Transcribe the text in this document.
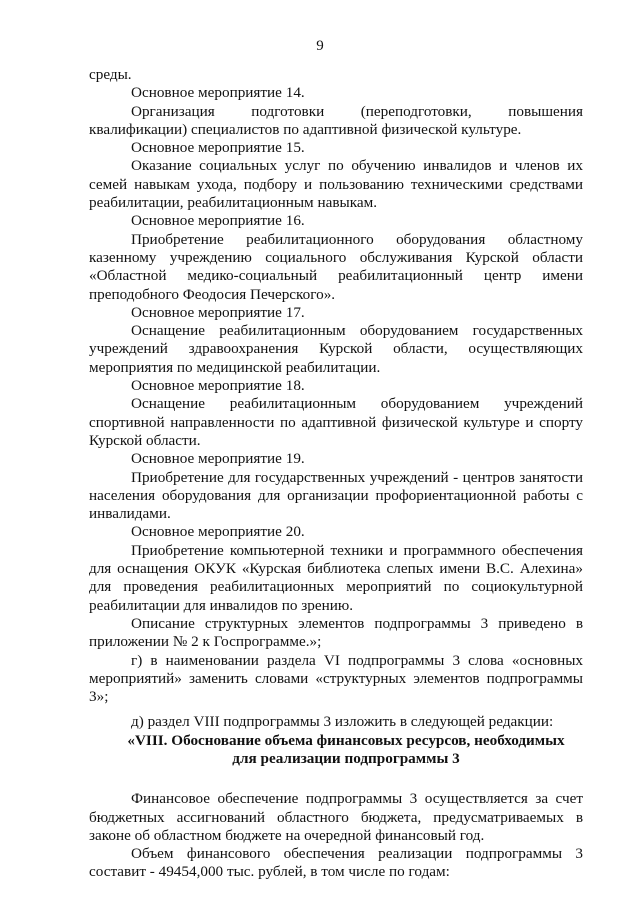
9

среды.

Основное мероприятие 14.

Организация подготовки (переподготовки, повышения квалификации) специалистов по адаптивной физической культуре.

Основное мероприятие 15.

Оказание социальных услуг по обучению инвалидов и членов их семей навыкам ухода, подбору и пользованию техническими средствами реабилитации, реабилитационным навыкам.

Основное мероприятие 16.

Приобретение реабилитационного оборудования областному казенному учреждению социального обслуживания Курской области «Областной медико-социальный реабилитационный центр имени преподобного Феодосия Печерского».

Основное мероприятие 17.

Оснащение реабилитационным оборудованием государственных учреждений здравоохранения Курской области, осуществляющих мероприятия по медицинской реабилитации.

Основное мероприятие 18.

Оснащение реабилитационным оборудованием учреждений спортивной направленности по адаптивной физической культуре и спорту Курской области.

Основное мероприятие 19.

Приобретение для государственных учреждений - центров занятости населения оборудования для организации профориентационной работы с инвалидами.

Основное мероприятие 20.

Приобретение компьютерной техники и программного обеспечения для оснащения ОКУК «Курская библиотека слепых имени В.С. Алехина» для проведения реабилитационных мероприятий по социокультурной реабилитации для инвалидов по зрению.

Описание структурных элементов подпрограммы 3 приведено в приложении № 2 к Госпрограмме.»;

г) в наименовании раздела VI подпрограммы 3 слова «основных мероприятий» заменить словами «структурных элементов подпрограммы 3»;

д) раздел VIII подпрограммы 3 изложить в следующей редакции:

«VIII. Обоснование объема финансовых ресурсов, необходимых

для реализации подпрограммы 3

Финансовое обеспечение подпрограммы 3 осуществляется за счет бюджетных ассигнований областного бюджета, предусматриваемых в законе об областном бюджете на очередной финансовый год.

Объем финансового обеспечения реализации подпрограммы 3 составит - 49454,000 тыс. рублей, в том числе по годам:
